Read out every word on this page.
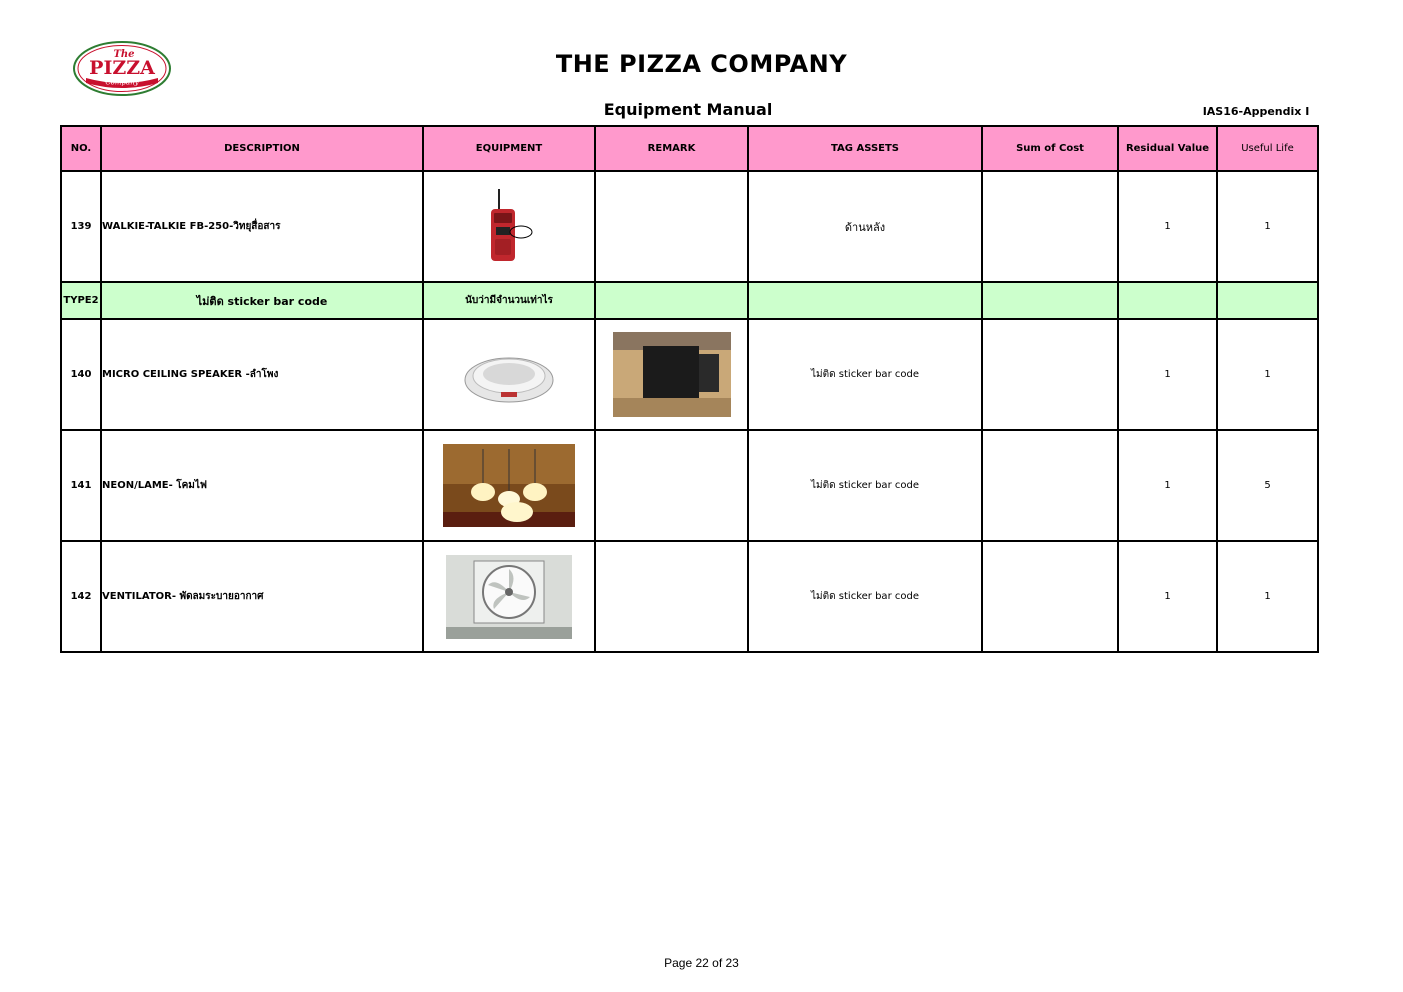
The
PIZZA
Company
THE PIZZA COMPANY
Equipment Manual	IAS16-Appendix I
NO.	DESCRIPTION	EQUIPMENT	REMARK	TAG ASSETS	Sum of Cost	Residual Value	Useful Life
139	WALKIE-TALKIE FB-250-วิทยุสื่อสาร			ด้านหลัง		1	1
TYPE2	ไม่ติด sticker bar code	นับว่ามีจำนวนเท่าไร					
140	MICRO CEILING SPEAKER -ลำโพง			ไม่ติด sticker bar code		1	1
141	NEON/LAME- โคมไฟ			ไม่ติด sticker bar code		1	5
142	VENTILATOR- พัดลมระบายอากาศ			ไม่ติด sticker bar code		1	1
Page 22 of 23
